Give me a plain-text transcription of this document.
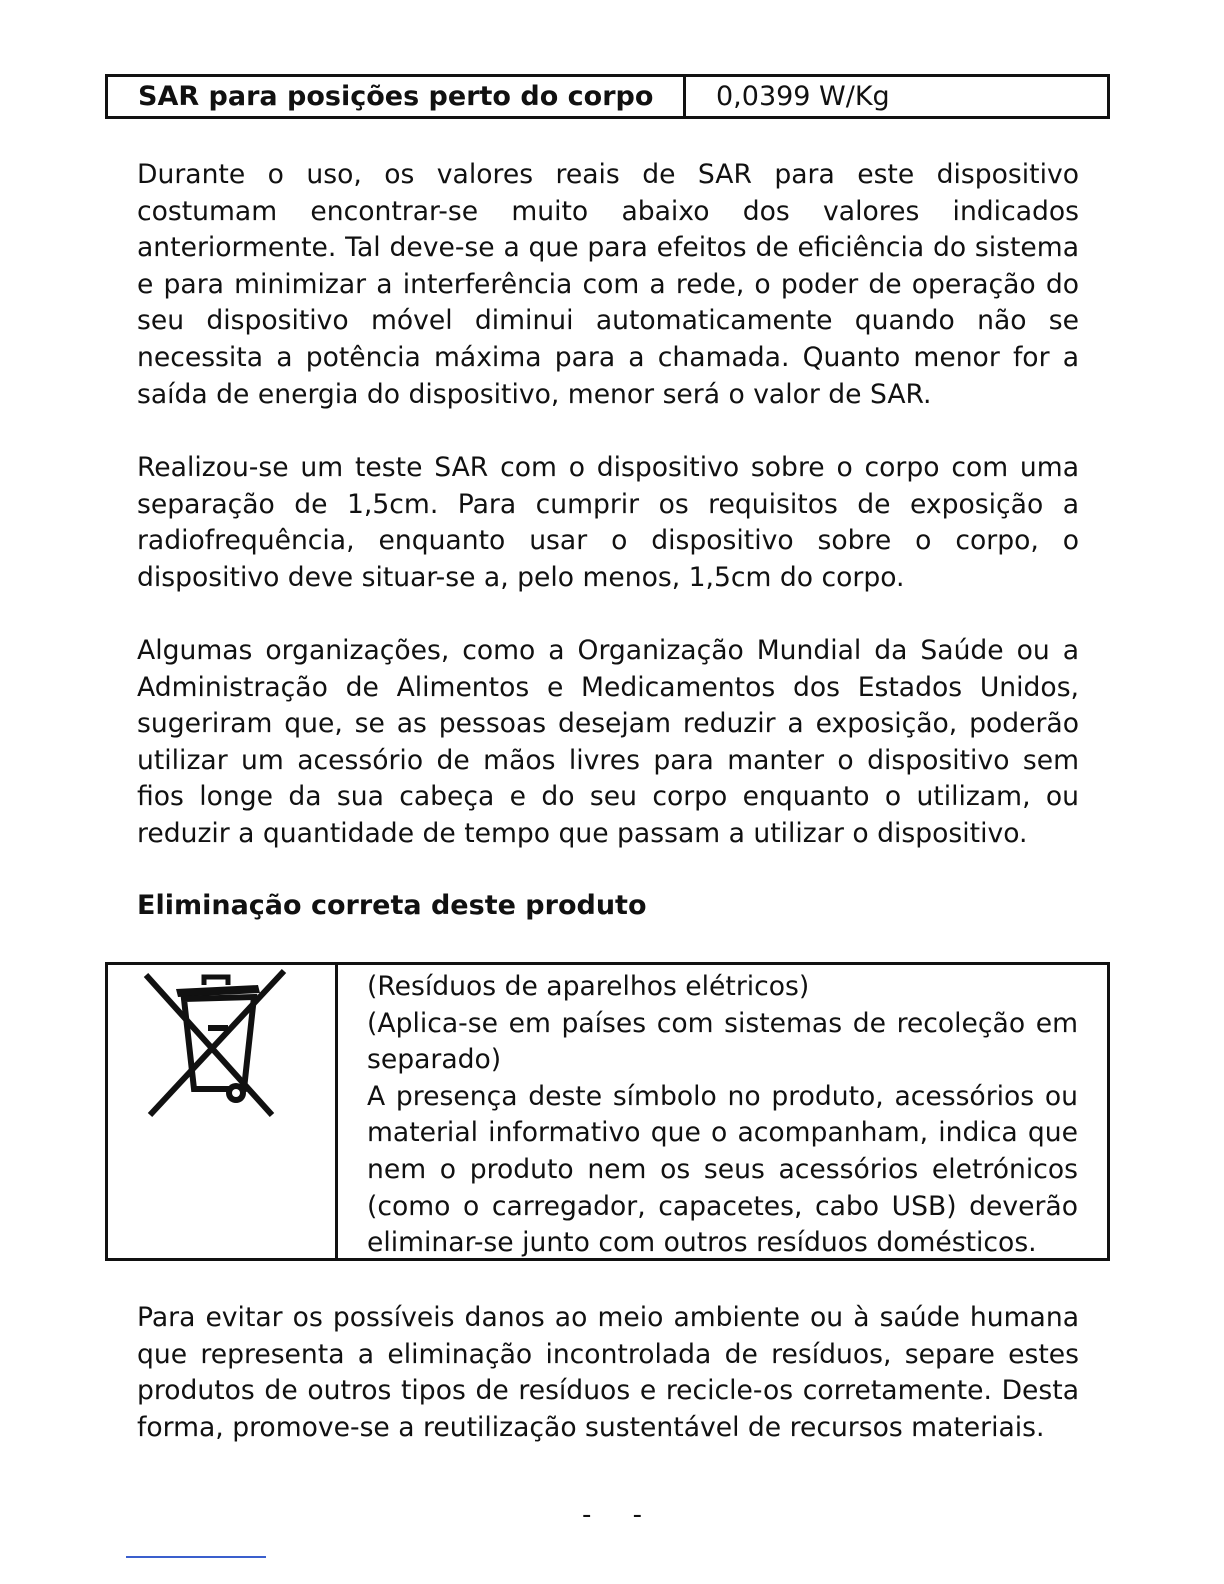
SAR para posições perto do corpo	0,0399 W/Kg

Durante o uso, os valores reais de SAR para este dispositivo costumam encontrar-se muito abaixo dos valores indicados anteriormente. Tal deve-se a que para efeitos de eficiência do sistema e para minimizar a interferência com a rede, o poder de operação do seu dispositivo móvel diminui automaticamente quando não se necessita a potência máxima para a chamada. Quanto menor for a saída de energia do dispositivo, menor será o valor de SAR.

Realizou-se um teste SAR com o dispositivo sobre o corpo com uma separação de 1,5cm. Para cumprir os requisitos de exposição a radiofrequência, enquanto usar o dispositivo sobre o corpo, o dispositivo deve situar-se a, pelo menos, 1,5cm do corpo.

Algumas organizações, como a Organização Mundial da Saúde ou a Administração de Alimentos e Medicamentos dos Estados Unidos, sugeriram que, se as pessoas desejam reduzir a exposição, poderão utilizar um acessório de mãos livres para manter o dispositivo sem fios longe da sua cabeça e do seu corpo enquanto o utilizam, ou reduzir a quantidade de tempo que passam a utilizar o dispositivo.

Eliminação correta deste produto
(Resíduos de aparelhos elétricos)
(Aplica-se em países com sistemas de recoleção em separado)
A presença deste símbolo no produto, acessórios ou material informativo que o acompanham, indica que nem o produto nem os seus acessórios eletrónicos (como o carregador, capacetes, cabo USB) deverão eliminar-se junto com outros resíduos domésticos.

Para evitar os possíveis danos ao meio ambiente ou à saúde humana que representa a eliminação incontrolada de resíduos, separe estes produtos de outros tipos de resíduos e recicle-os corretamente. Desta forma, promove-se a reutilização sustentável de recursos materiais.

-     -
